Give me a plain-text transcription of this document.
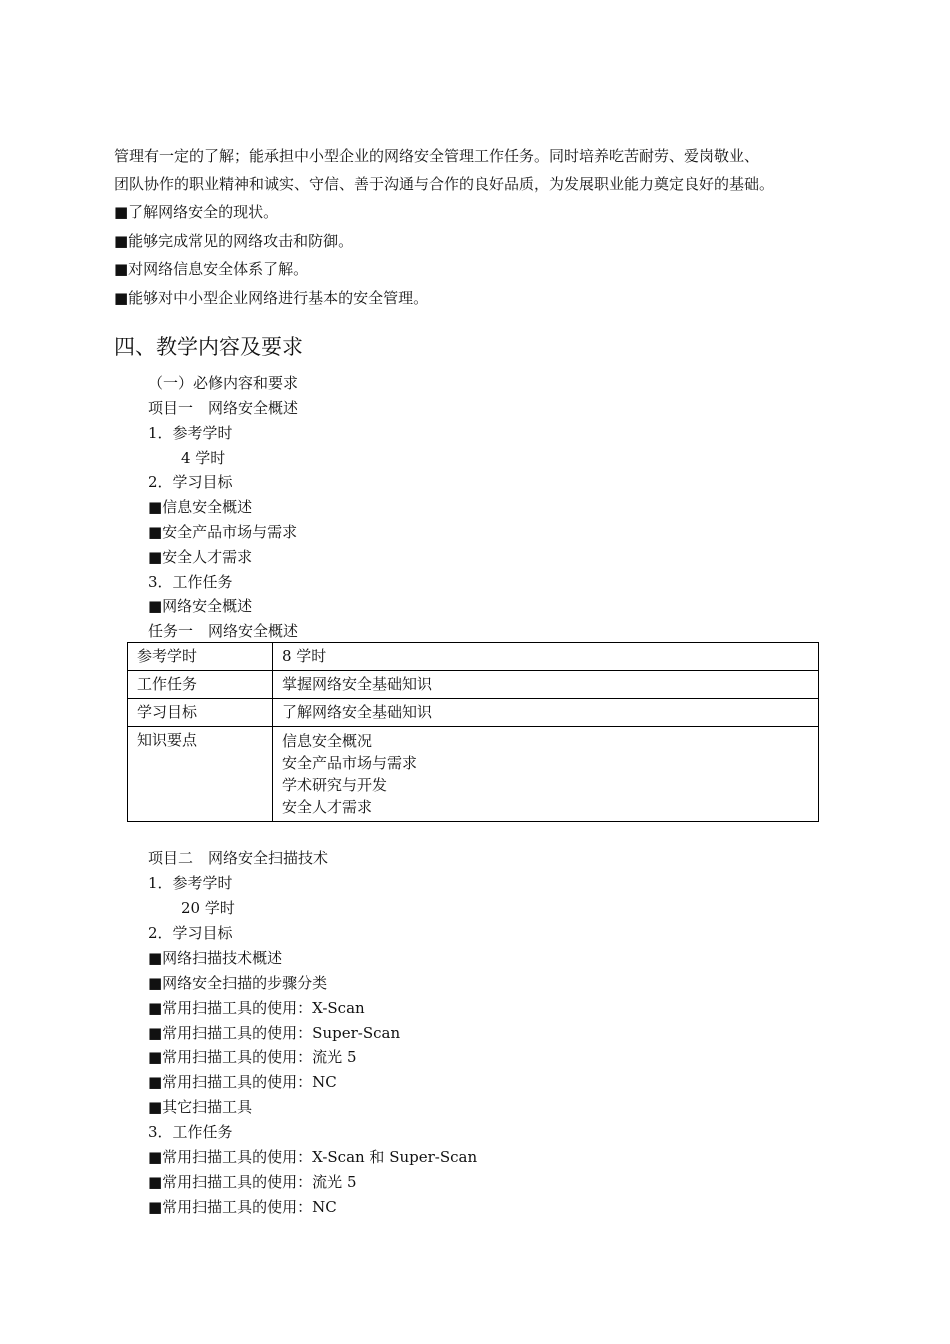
管理有一定的了解；能承担中小型企业的网络安全管理工作任务。同时培养吃苦耐劳、爱岗敬业、
团队协作的职业精神和诚实、守信、善于沟通与合作的良好品质，为发展职业能力奠定良好的基础。
■了解网络安全的现状。
■能够完成常见的网络攻击和防御。
■对网络信息安全体系了解。
■能够对中小型企业网络进行基本的安全管理。
四、教学内容及要求
（一）必修内容和要求
项目一　网络安全概述
1．参考学时
4 学时
2．学习目标
■信息安全概述
■安全产品市场与需求
■安全人才需求
3．工作任务
■网络安全概述
任务一　网络安全概述
参考学时	8 学时
工作任务	掌握网络安全基础知识
学习目标	了解网络安全基础知识
知识要点	信息安全概况
安全产品市场与需求
学术研究与开发
安全人才需求
项目二　网络安全扫描技术
1．参考学时
20 学时
2．学习目标
■网络扫描技术概述
■网络安全扫描的步骤分类
■常用扫描工具的使用：X-Scan
■常用扫描工具的使用：Super-Scan
■常用扫描工具的使用：流光 5
■常用扫描工具的使用：NC
■其它扫描工具
3．工作任务
■常用扫描工具的使用：X-Scan 和 Super-Scan
■常用扫描工具的使用：流光 5
■常用扫描工具的使用：NC
